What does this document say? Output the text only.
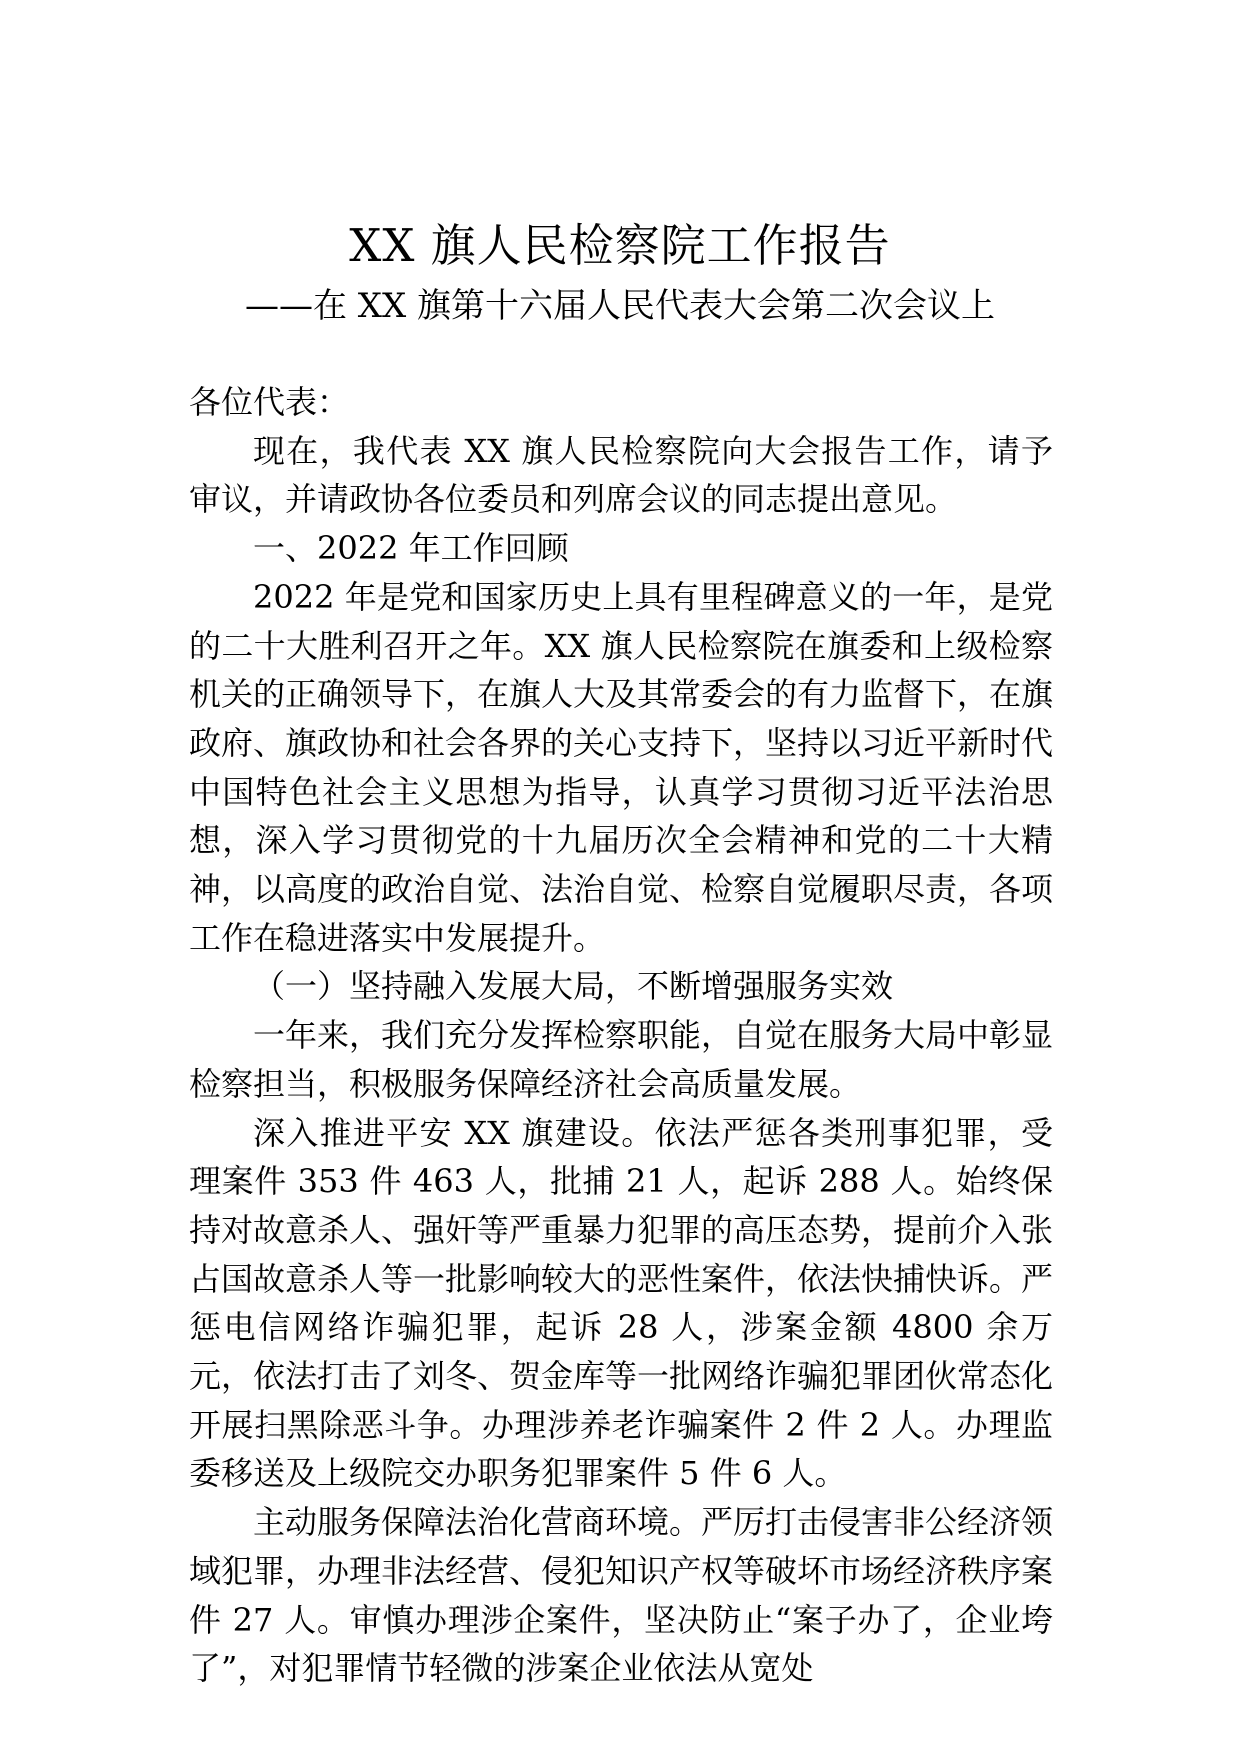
XX 旗人民检察院工作报告
——在 XX 旗第十六届人民代表大会第二次会议上

各位代表：

现在，我代表 XX 旗人民检察院向大会报告工作，请予审议，并请政协各位委员和列席会议的同志提出意见。

一、2022 年工作回顾

2022 年是党和国家历史上具有里程碑意义的一年，是党的二十大胜利召开之年。XX 旗人民检察院在旗委和上级检察机关的正确领导下，在旗人大及其常委会的有力监督下，在旗政府、旗政协和社会各界的关心支持下，坚持以习近平新时代中国特色社会主义思想为指导，认真学习贯彻习近平法治思想，深入学习贯彻党的十九届历次全会精神和党的二十大精神，以高度的政治自觉、法治自觉、检察自觉履职尽责，各项工作在稳进落实中发展提升。

（一）坚持融入发展大局，不断增强服务实效

一年来，我们充分发挥检察职能，自觉在服务大局中彰显检察担当，积极服务保障经济社会高质量发展。

深入推进平安 XX 旗建设。依法严惩各类刑事犯罪，受理案件 353 件 463 人，批捕 21 人，起诉 288 人。始终保持对故意杀人、强奸等严重暴力犯罪的高压态势，提前介入张占国故意杀人等一批影响较大的恶性案件，依法快捕快诉。严惩电信网络诈骗犯罪，起诉 28 人，涉案金额 4800 余万元，依法打击了刘冬、贺金库等一批网络诈骗犯罪团伙常态化开展扫黑除恶斗争。办理涉养老诈骗案件 2 件 2 人。办理监委移送及上级院交办职务犯罪案件 5 件 6 人。

主动服务保障法治化营商环境。严厉打击侵害非公经济领域犯罪，办理非法经营、侵犯知识产权等破坏市场经济秩序案件 27 人。审慎办理涉企案件，坚决防止“案子办了，企业垮了”，对犯罪情节轻微的涉案企业依法从宽处
